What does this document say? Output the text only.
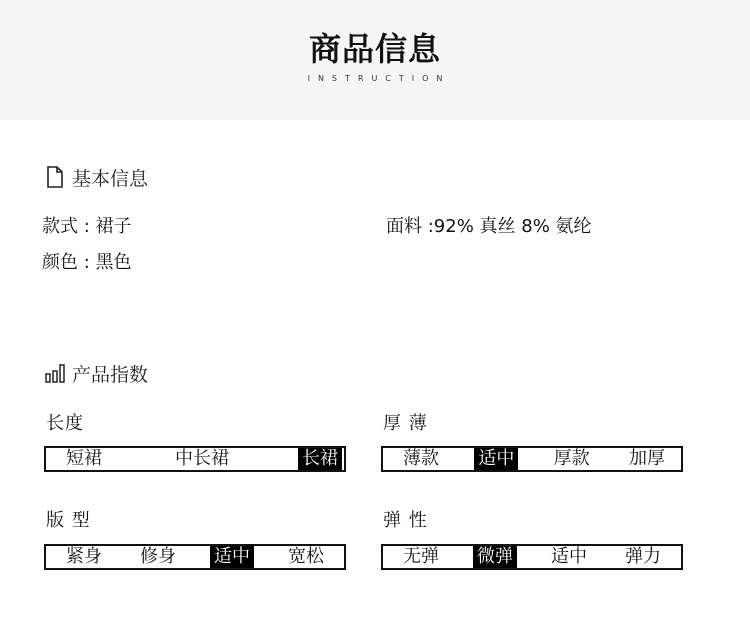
商品信息
INSTRUCTION
基本信息
款式 : 裙子	面料 :92% 真丝 8% 氨纶
颜色 : 黑色
产品指数
长度
短裙	中长裙	长裙
厚 薄
薄款 适中 厚款 加厚
版 型
紧身 修身 适中 宽松
弹 性
无弹 微弹 适中 弹力
